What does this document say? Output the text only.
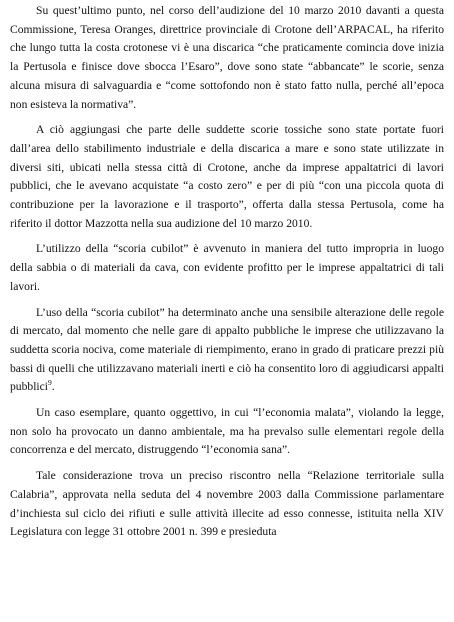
Su quest’ultimo punto, nel corso dell’audizione del 10 marzo 2010 davanti a questa Commissione, Teresa Oranges, direttrice provinciale di Crotone dell’ARPACAL, ha riferito che lungo tutta la costa crotonese vi è una discarica “che praticamente comincia dove inizia la Pertusola e finisce dove sbocca l’Esaro”, dove sono state “abbancate” le scorie, senza alcuna misura di salvaguardia e “come sottofondo non è stato fatto nulla, perché all’epoca non esisteva la normativa”.

A ciò aggiungasi che parte delle suddette scorie tossiche sono state portate fuori dall’area dello stabilimento industriale e della discarica a mare e sono state utilizzate in diversi siti, ubicati nella stessa città di Crotone, anche da imprese appaltatrici di lavori pubblici, che le avevano acquistate “a costo zero” e per di più “con una piccola quota di contribuzione per la lavorazione e il trasporto”, offerta dalla stessa Pertusola, come ha riferito il dottor Mazzotta nella sua audizione del 10 marzo 2010.

L’utilizzo della “scoria cubilot” è avvenuto in maniera del tutto impropria in luogo della sabbia o di materiali da cava, con evidente profitto per le imprese appaltatrici di tali lavori.

L’uso della “scoria cubilot” ha determinato anche una sensibile alterazione delle regole di mercato, dal momento che nelle gare di appalto pubbliche le imprese che utilizzavano la suddetta scoria nociva, come materiale di riempimento, erano in grado di praticare prezzi più bassi di quelli che utilizzavano materiali inerti e ciò ha consentito loro di aggiudicarsi appalti pubblici$^9$.

Un caso esemplare, quanto oggettivo, in cui “l’economia malata”, violando la legge, non solo ha provocato un danno ambientale, ma ha prevalso sulle elementari regole della concorrenza e del mercato, distruggendo “l’economia sana”.

Tale considerazione trova un preciso riscontro nella “Relazione territoriale sulla Calabria”, approvata nella seduta del 4 novembre 2003 dalla Commissione parlamentare d’inchiesta sul ciclo dei rifiuti e sulle attività illecite ad esso connesse, istituita nella XIV Legislatura con legge 31 ottobre 2001 n. 399 e presieduta
